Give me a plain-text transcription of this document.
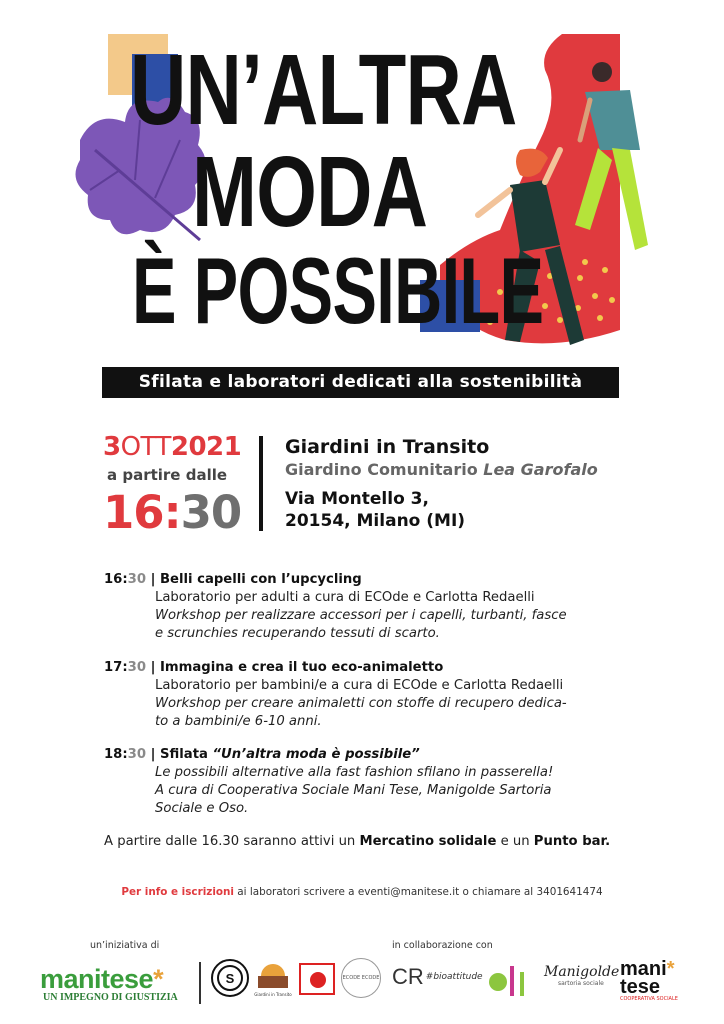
UN’ALTRA
MODA
È POSSIBILE
Sfilata e laboratori dedicati alla sostenibilità
3OTT2021
a partire dalle
16:30
Giardini in Transito
Giardino Comunitario Lea Garofalo
Via Montello 3,
20154, Milano (MI)
16:30 | Belli capelli con l’upcycling
Laboratorio per adulti a cura di ECOde e Carlotta Redaelli
Workshop per realizzare accessori per i capelli, turbanti, fasce
e scrunchies recuperando tessuti di scarto.
17:30 | Immagina e crea il tuo eco-animaletto
Laboratorio per bambini/e a cura di ECOde e Carlotta Redaelli
Workshop per creare animaletti con stoffe di recupero dedica-
to a bambini/e 6-10 anni.
18:30 | Sfilata “Un’altra moda è possibile”
Le possibili alternative alla fast fashion sfilano in passerella!
A cura di Cooperativa Sociale Mani Tese, Manigolde Sartoria
Sociale e Oso.
A partire dalle 16.30 saranno attivi un Mercatino solidale e un Punto bar.
Per info e iscrizioni ai laboratori scrivere a eventi@manitese.it o chiamare al 3401641474
un’iniziativa di	in collaborazione con
manitese*
UN IMPEGNO DI GIUSTIZIA
S
Giardini in Transito
ECODE ECODE CR #bioattitude	Manigolde
sartoria sociale
mani*
tese
COOPERATIVA SOCIALE
